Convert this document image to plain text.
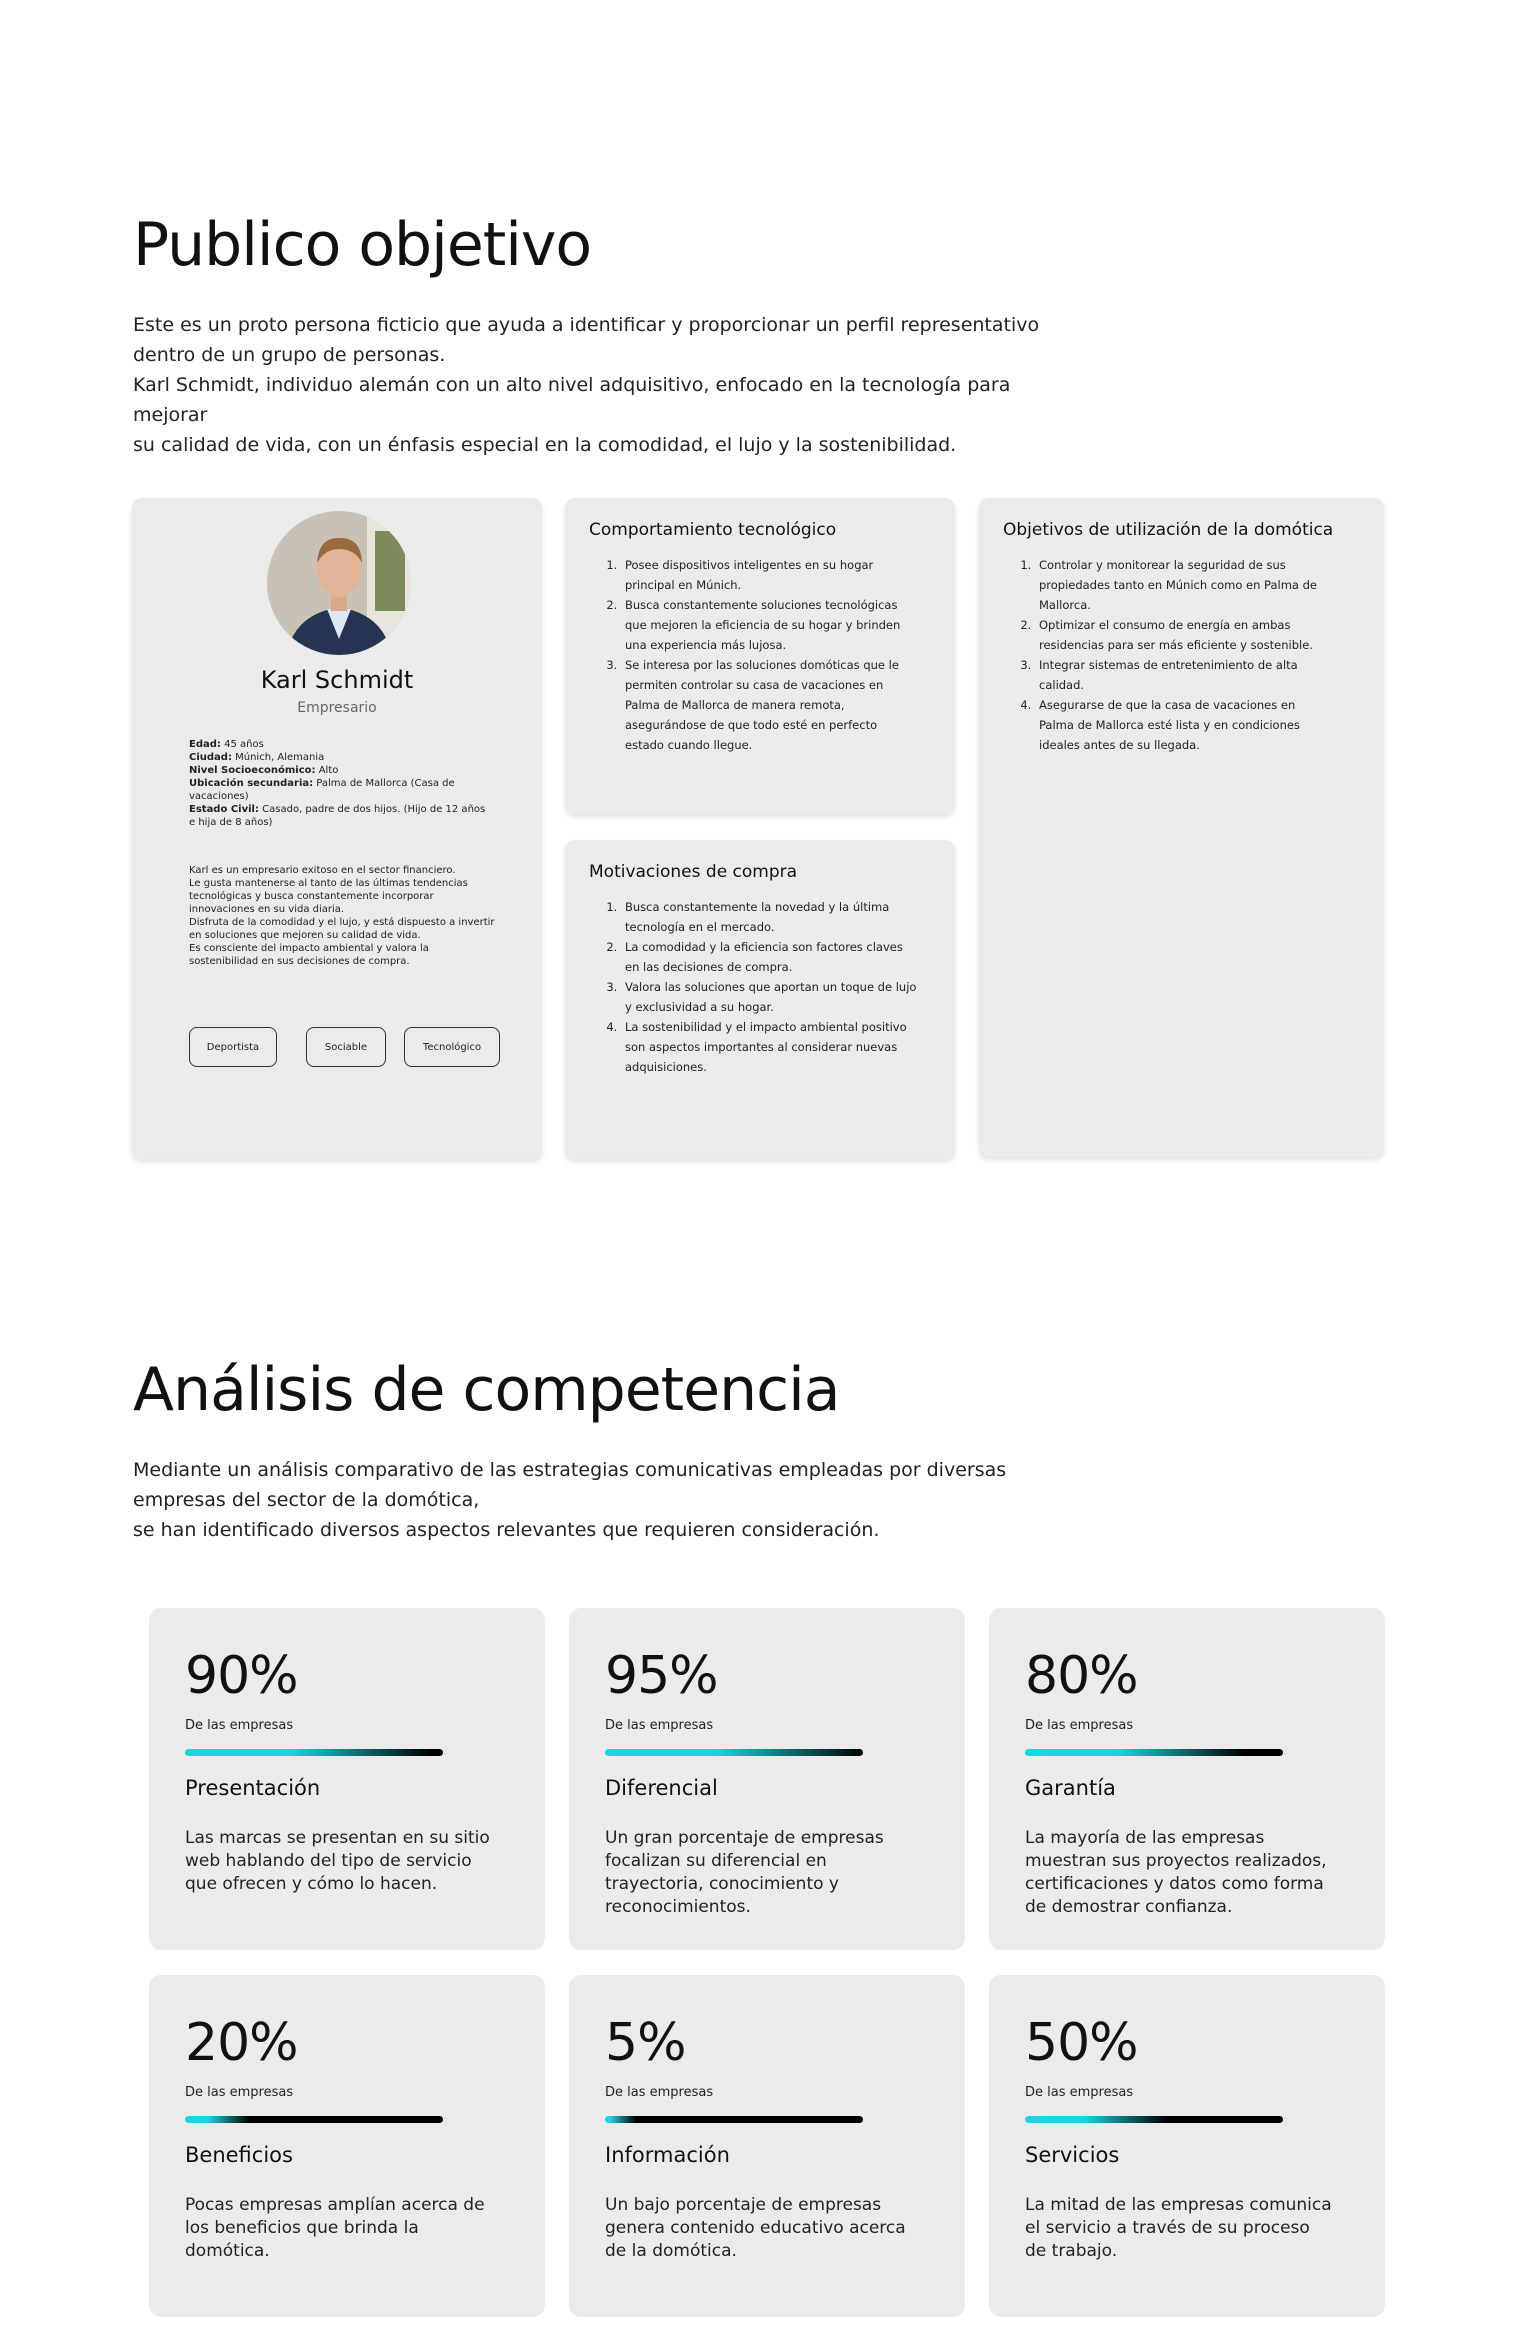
Publico objetivo
Este es un proto persona ficticio que ayuda a identificar y proporcionar un perfil representativo
dentro de un grupo de personas.
Karl Schmidt, individuo alemán con un alto nivel adquisitivo, enfocado en la tecnología para mejorar
su calidad de vida, con un énfasis especial en la comodidad, el lujo y la sostenibilidad.
Karl Schmidt
Empresario
Edad: 45 años
Ciudad: Múnich, Alemania
Nivel Socioeconómico: Alto
Ubicación secundaria: Palma de Mallorca (Casa de vacaciones)
Estado Civil: Casado, padre de dos hijos. (Hijo de 12 años e hija de 8 años)
Karl es un empresario exitoso en el sector financiero.
Le gusta mantenerse al tanto de las últimas tendencias tecnológicas y busca constantemente incorporar innovaciones en su vida diaria.
Disfruta de la comodidad y el lujo, y está dispuesto a invertir en soluciones que mejoren su calidad de vida.
Es consciente del impacto ambiental y valora la sostenibilidad en sus decisiones de compra.
Deportista	Sociable	Tecnológico
Comportamiento tecnológico
1. Posee dispositivos inteligentes en su hogar principal en Múnich.
2. Busca constantemente soluciones tecnológicas que mejoren la eficiencia de su hogar y brinden una experiencia más lujosa.
3. Se interesa por las soluciones domóticas que le permiten controlar su casa de vacaciones en Palma de Mallorca de manera remota, asegurándose de que todo esté en perfecto estado cuando llegue.
Motivaciones de compra
1. Busca constantemente la novedad y la última tecnología en el mercado.
2. La comodidad y la eficiencia son factores claves en las decisiones de compra.
3. Valora las soluciones que aportan un toque de lujo y exclusividad a su hogar.
4. La sostenibilidad y el impacto ambiental positivo son aspectos importantes al considerar nuevas adquisiciones.
Objetivos de utilización de la domótica
1. Controlar y monitorear la seguridad de sus propiedades tanto en Múnich como en Palma de Mallorca.
2. Optimizar el consumo de energía en ambas residencias para ser más eficiente y sostenible.
3. Integrar sistemas de entretenimiento de alta calidad.
4. Asegurarse de que la casa de vacaciones en Palma de Mallorca esté lista y en condiciones ideales antes de su llegada.
Análisis de competencia
Mediante un análisis comparativo de las estrategias comunicativas empleadas por diversas
empresas del sector de la domótica,
se han identificado diversos aspectos relevantes que requieren consideración.
90%
De las empresas
Presentación
Las marcas se presentan en su sitio web hablando del tipo de servicio que ofrecen y cómo lo hacen.
95%
De las empresas
Diferencial
Un gran porcentaje de empresas focalizan su diferencial en trayectoria, conocimiento y reconocimientos.
80%
De las empresas
Garantía
La mayoría de las empresas muestran sus proyectos realizados, certificaciones y datos como forma de demostrar confianza.
20%
De las empresas
Beneficios
Pocas empresas amplían acerca de los beneficios que brinda la domótica.
5%
De las empresas
Información
Un bajo porcentaje de empresas genera contenido educativo acerca de la domótica.
50%
De las empresas
Servicios
La mitad de las empresas comunica el servicio a través de su proceso de trabajo.
